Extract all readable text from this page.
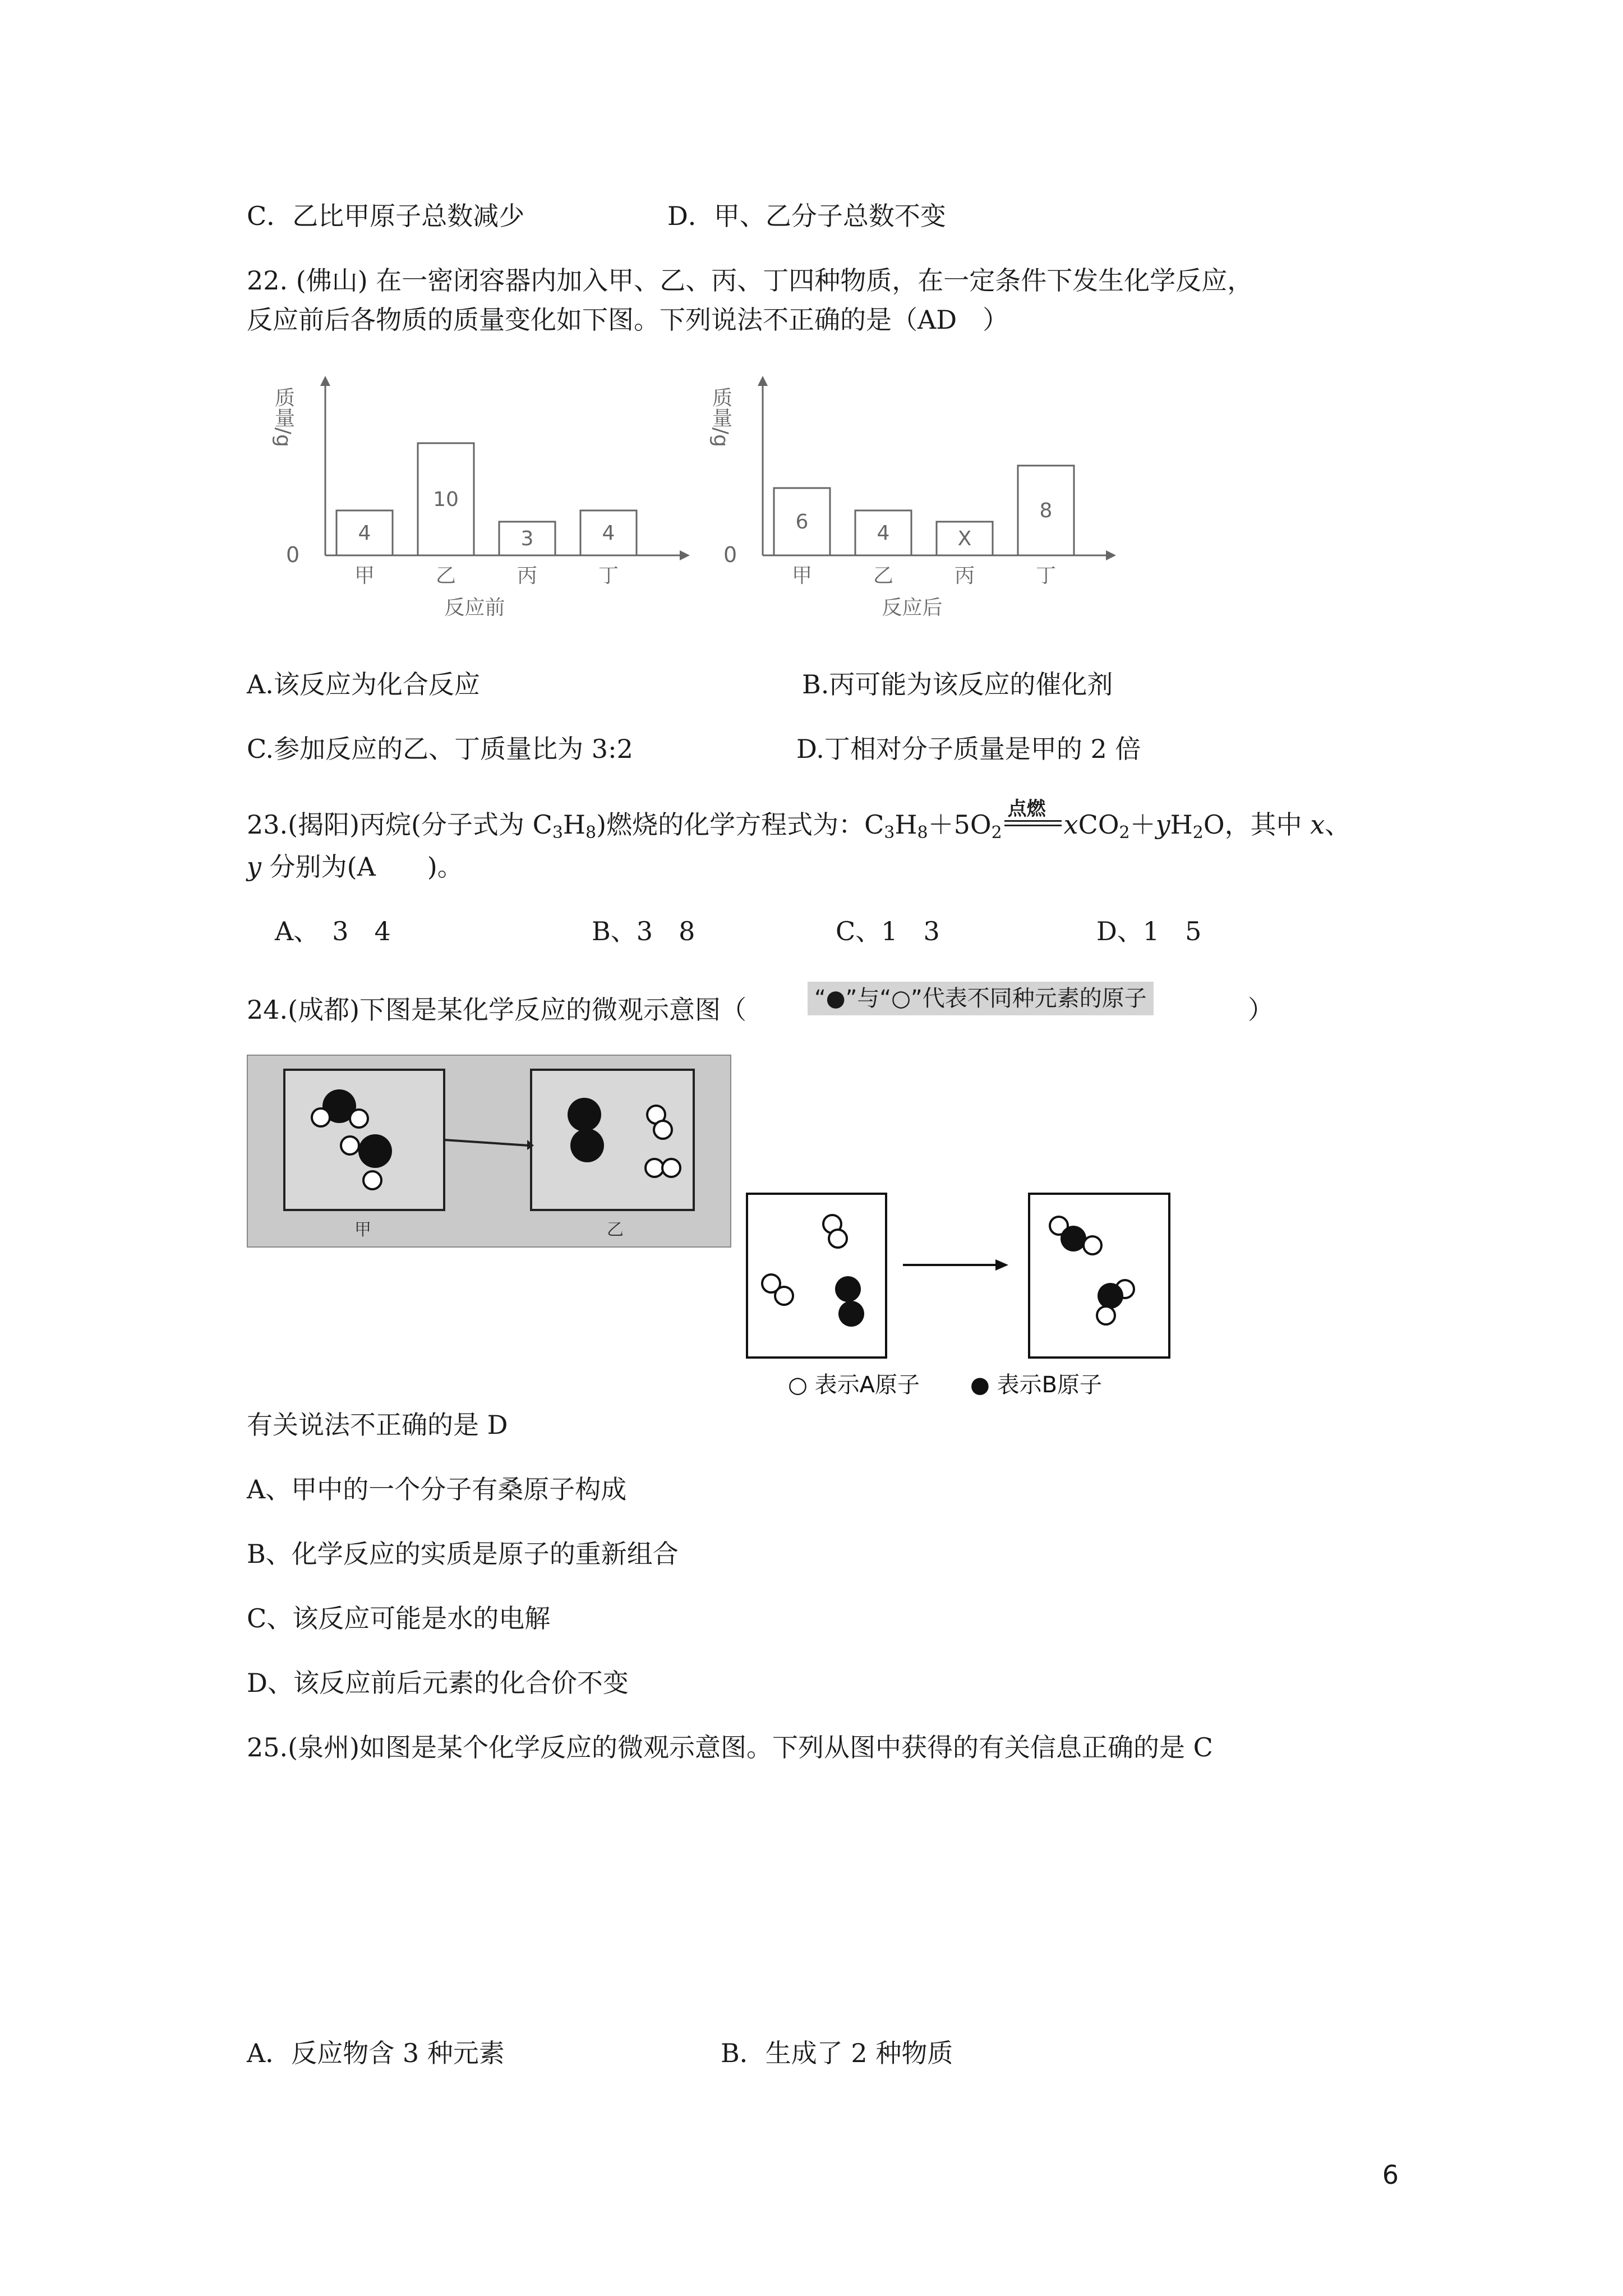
C．乙比甲原子总数减少	D．甲、乙分子总数不变
22. (佛山) 在一密闭容器内加入甲、乙、丙、丁四种物质，在一定条件下发生化学反应，
反应前后各物质的质量变化如下图。下列说法不正确的是（AD　）
0
质量/g
4
甲
10
乙
3
丙
4
丁
反应前
0
质量/g
6
甲
4
乙
X
丙
8
丁
反应后
A.该反应为化合反应	B.丙可能为该反应的催化剂
C.参加反应的乙、丁质量比为 3:2	D.丁相对分子质量是甲的 2 倍
23.(揭阳)丙烷(分子式为 $C_3H_8$)燃烧的化学方程式为：$C_3H_8+5O_2$
点燃
$xCO_2+yH_2O$，其中 x、
y 分别为(A　　)。
A、　3　4	B、3　8	C、1　3	D、1　5
24.(成都)下图是某化学反应的微观示意图（	“●”与“○”代表不同种元素的原子	）
甲	乙
○ 表示A原子 ● 表示B原子
有关说法不正确的是 D
A、甲中的一个分子有桑原子构成
B、化学反应的实质是原子的重新组合
C、该反应可能是水的电解
D、该反应前后元素的化合价不变
25.(泉州)如图是某个化学反应的微观示意图。下列从图中获得的有关信息正确的是 C
A．反应物含 3 种元素	B．生成了 2 种物质
6
